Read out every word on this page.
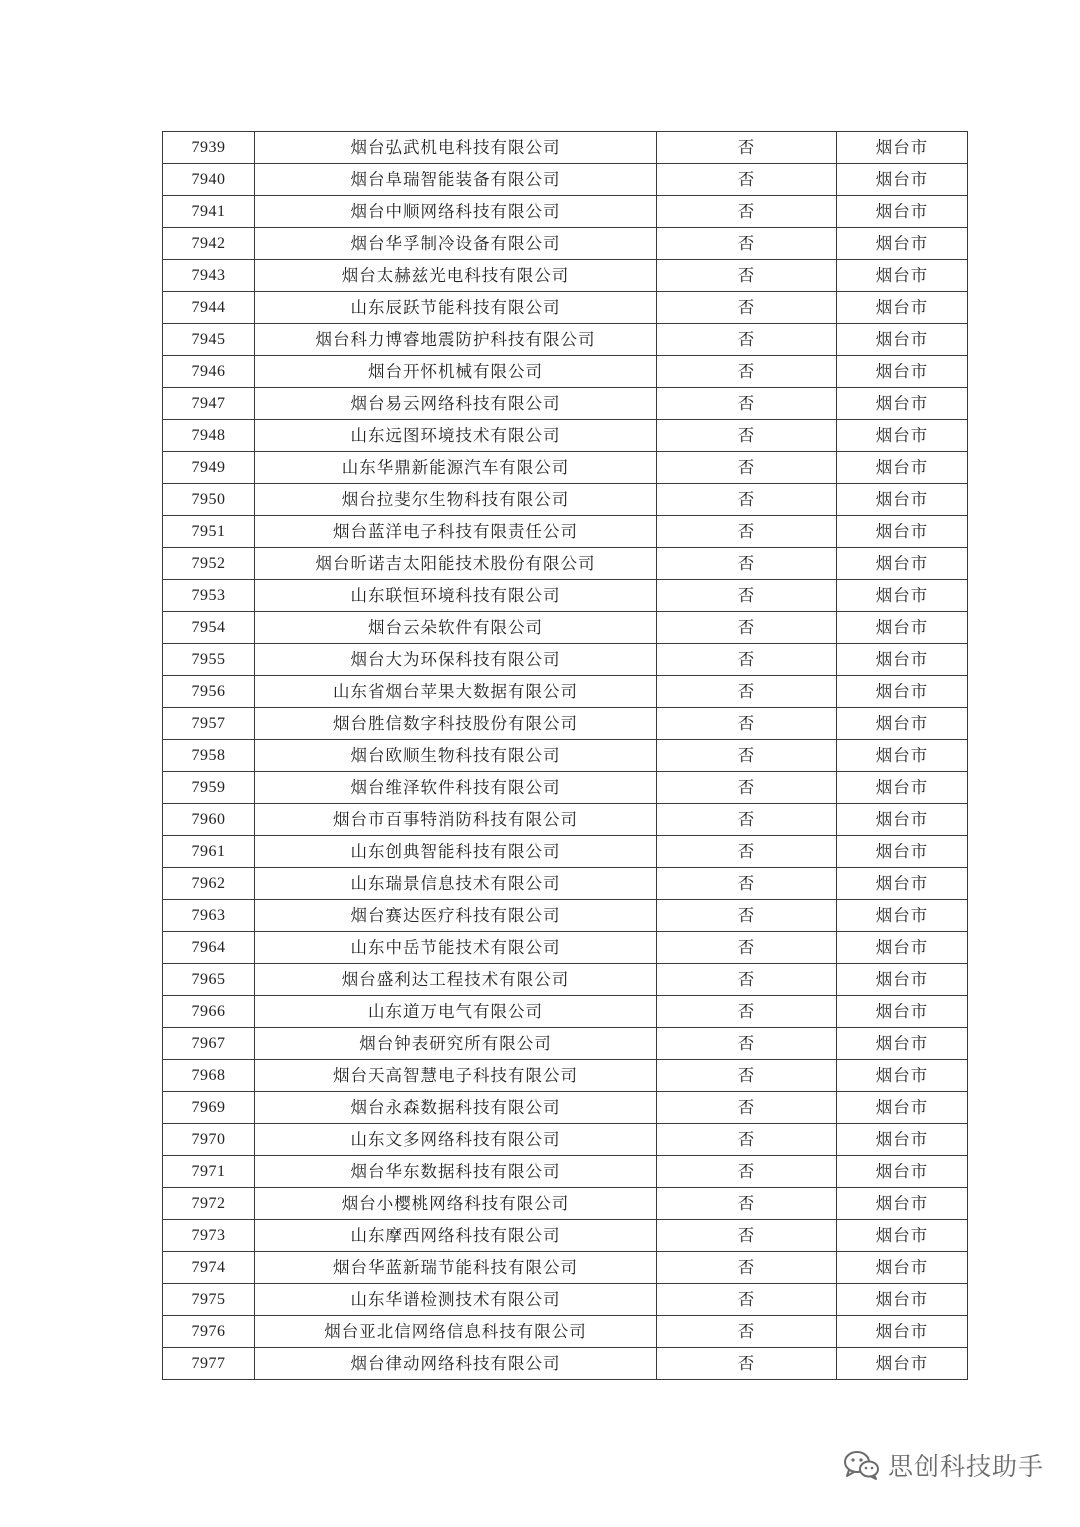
7939	烟台弘武机电科技有限公司	否	烟台市
7940	烟台阜瑞智能装备有限公司	否	烟台市
7941	烟台中顺网络科技有限公司	否	烟台市
7942	烟台华孚制冷设备有限公司	否	烟台市
7943	烟台太赫兹光电科技有限公司	否	烟台市
7944	山东辰跃节能科技有限公司	否	烟台市
7945	烟台科力博睿地震防护科技有限公司	否	烟台市
7946	烟台开怀机械有限公司	否	烟台市
7947	烟台易云网络科技有限公司	否	烟台市
7948	山东远图环境技术有限公司	否	烟台市
7949	山东华鼎新能源汽车有限公司	否	烟台市
7950	烟台拉斐尔生物科技有限公司	否	烟台市
7951	烟台蓝洋电子科技有限责任公司	否	烟台市
7952	烟台昕诺吉太阳能技术股份有限公司	否	烟台市
7953	山东联恒环境科技有限公司	否	烟台市
7954	烟台云朵软件有限公司	否	烟台市
7955	烟台大为环保科技有限公司	否	烟台市
7956	山东省烟台苹果大数据有限公司	否	烟台市
7957	烟台胜信数字科技股份有限公司	否	烟台市
7958	烟台欧顺生物科技有限公司	否	烟台市
7959	烟台维泽软件科技有限公司	否	烟台市
7960	烟台市百事特消防科技有限公司	否	烟台市
7961	山东创典智能科技有限公司	否	烟台市
7962	山东瑞景信息技术有限公司	否	烟台市
7963	烟台赛达医疗科技有限公司	否	烟台市
7964	山东中岳节能技术有限公司	否	烟台市
7965	烟台盛利达工程技术有限公司	否	烟台市
7966	山东道万电气有限公司	否	烟台市
7967	烟台钟表研究所有限公司	否	烟台市
7968	烟台天高智慧电子科技有限公司	否	烟台市
7969	烟台永森数据科技有限公司	否	烟台市
7970	山东文多网络科技有限公司	否	烟台市
7971	烟台华东数据科技有限公司	否	烟台市
7972	烟台小樱桃网络科技有限公司	否	烟台市
7973	山东摩西网络科技有限公司	否	烟台市
7974	烟台华蓝新瑞节能科技有限公司	否	烟台市
7975	山东华谱检测技术有限公司	否	烟台市
7976	烟台亚北信网络信息科技有限公司	否	烟台市
7977	烟台律动网络科技有限公司	否	烟台市
思创科技助手
